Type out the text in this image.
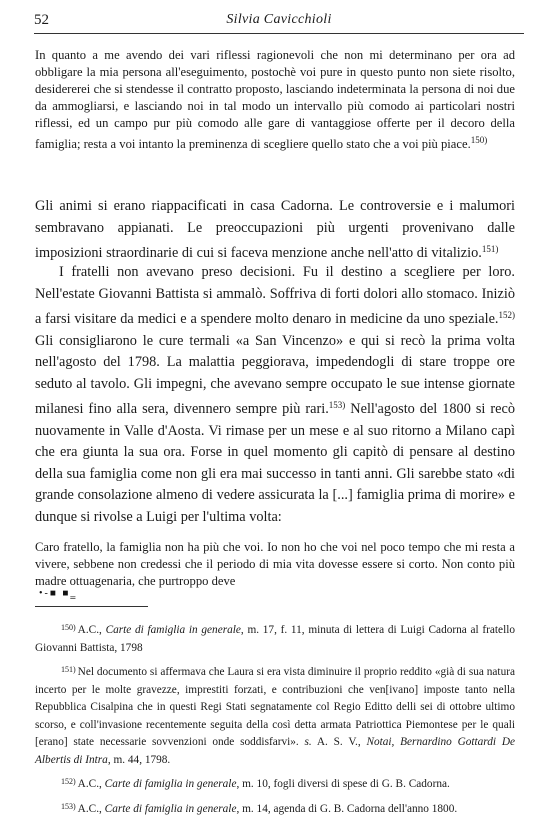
52	Silvia Cavicchioli

In quanto a me avendo dei vari riflessi ragionevoli che non mi determinano per ora ad obbligare la mia persona all'eseguimento, postochè voi pure in questo punto non siete risolto, desidererei che si stendesse il contratto proposto, lasciando indeterminata la persona di noi due da ammogliarsi, e lasciando noi in tal modo un intervallo più comodo ai particolari nostri riflessi, ed un campo pur più comodo alle gare di vantaggiose offerte per il decoro della famiglia; resta a voi intanto la preminenza di scegliere quello stato che a voi più piace.$^{150)}$

Gli animi si erano riappacificati in casa Cadorna. Le controversie e i malumori sembravano appianati. Le preoccupazioni più urgenti provenivano dalle imposizioni straordinarie di cui si faceva menzione anche nell'atto di vitalizio.$^{151)}$

I fratelli non avevano preso decisioni. Fu il destino a scegliere per loro. Nell'estate Giovanni Battista si ammalò. Soffriva di forti dolori allo stomaco. Iniziò a farsi visitare da medici e a spendere molto denaro in medicine da uno speziale.$^{152)}$ Gli consigliarono le cure termali «a San Vincenzo» e qui si recò la prima volta nell'agosto del 1798. La malattia peggiorava, impedendogli di stare troppe ore seduto al tavolo. Gli impegni, che avevano sempre occupato le sue intense giornate milanesi fino alla sera, divennero sempre più rari.$^{153)}$ Nell'agosto del 1800 si recò nuovamente in Valle d'Aosta. Vi rimase per un mese e al suo ritorno a Milano capì che era giunta la sua ora. Forse in quel momento gli capitò di pensare al destino della sua famiglia come non gli era mai successo in tanti anni. Gli sarebbe stato «di grande consolazione almeno di vedere assicurata la [...] famiglia prima di morire» e dunque si rivolse a Luigi per l'ultima volta:

Caro fratello, la famiglia non ha più che voi. Io non ho che voi nel poco tempo che mi resta a vivere, sebbene non credessi che il periodo di mia vita dovesse essere si corto. Non conto più madre ottuagenaria, che purtroppo deve

•-■ ■‗

$^{150)}$ A.C., Carte di famiglia in generale, m. 17, f. 11, minuta di lettera di Luigi Cadorna al fratello Giovanni Battista, 1798

$^{151)}$ Nel documento si affermava che Laura si era vista diminuire il proprio reddito «già di sua natura incerto per le molte gravezze, imprestiti forzati, e contribuzioni che ven[ivano] imposte tanto nella Repubblica Cisalpina che in questi Regi Stati segnatamente col Regio Editto delli sei di ottobre ultimo scorso, e coll'invasione recentemente seguita della così detta armata Patriottica Piemontese per le quali [erano] state necessarie sovvenzioni onde soddisfarvi». s. A. S. V., Notai, Bernardino Gottardi De Albertis di Intra, m. 44, 1798.

$^{152)}$ A.C., Carte di famiglia in generale, m. 10, fogli diversi di spese di G. B. Cadorna.

$^{153)}$ A.C., Carte di famiglia in generale, m. 14, agenda di G. B. Cadorna dell'anno 1800.
